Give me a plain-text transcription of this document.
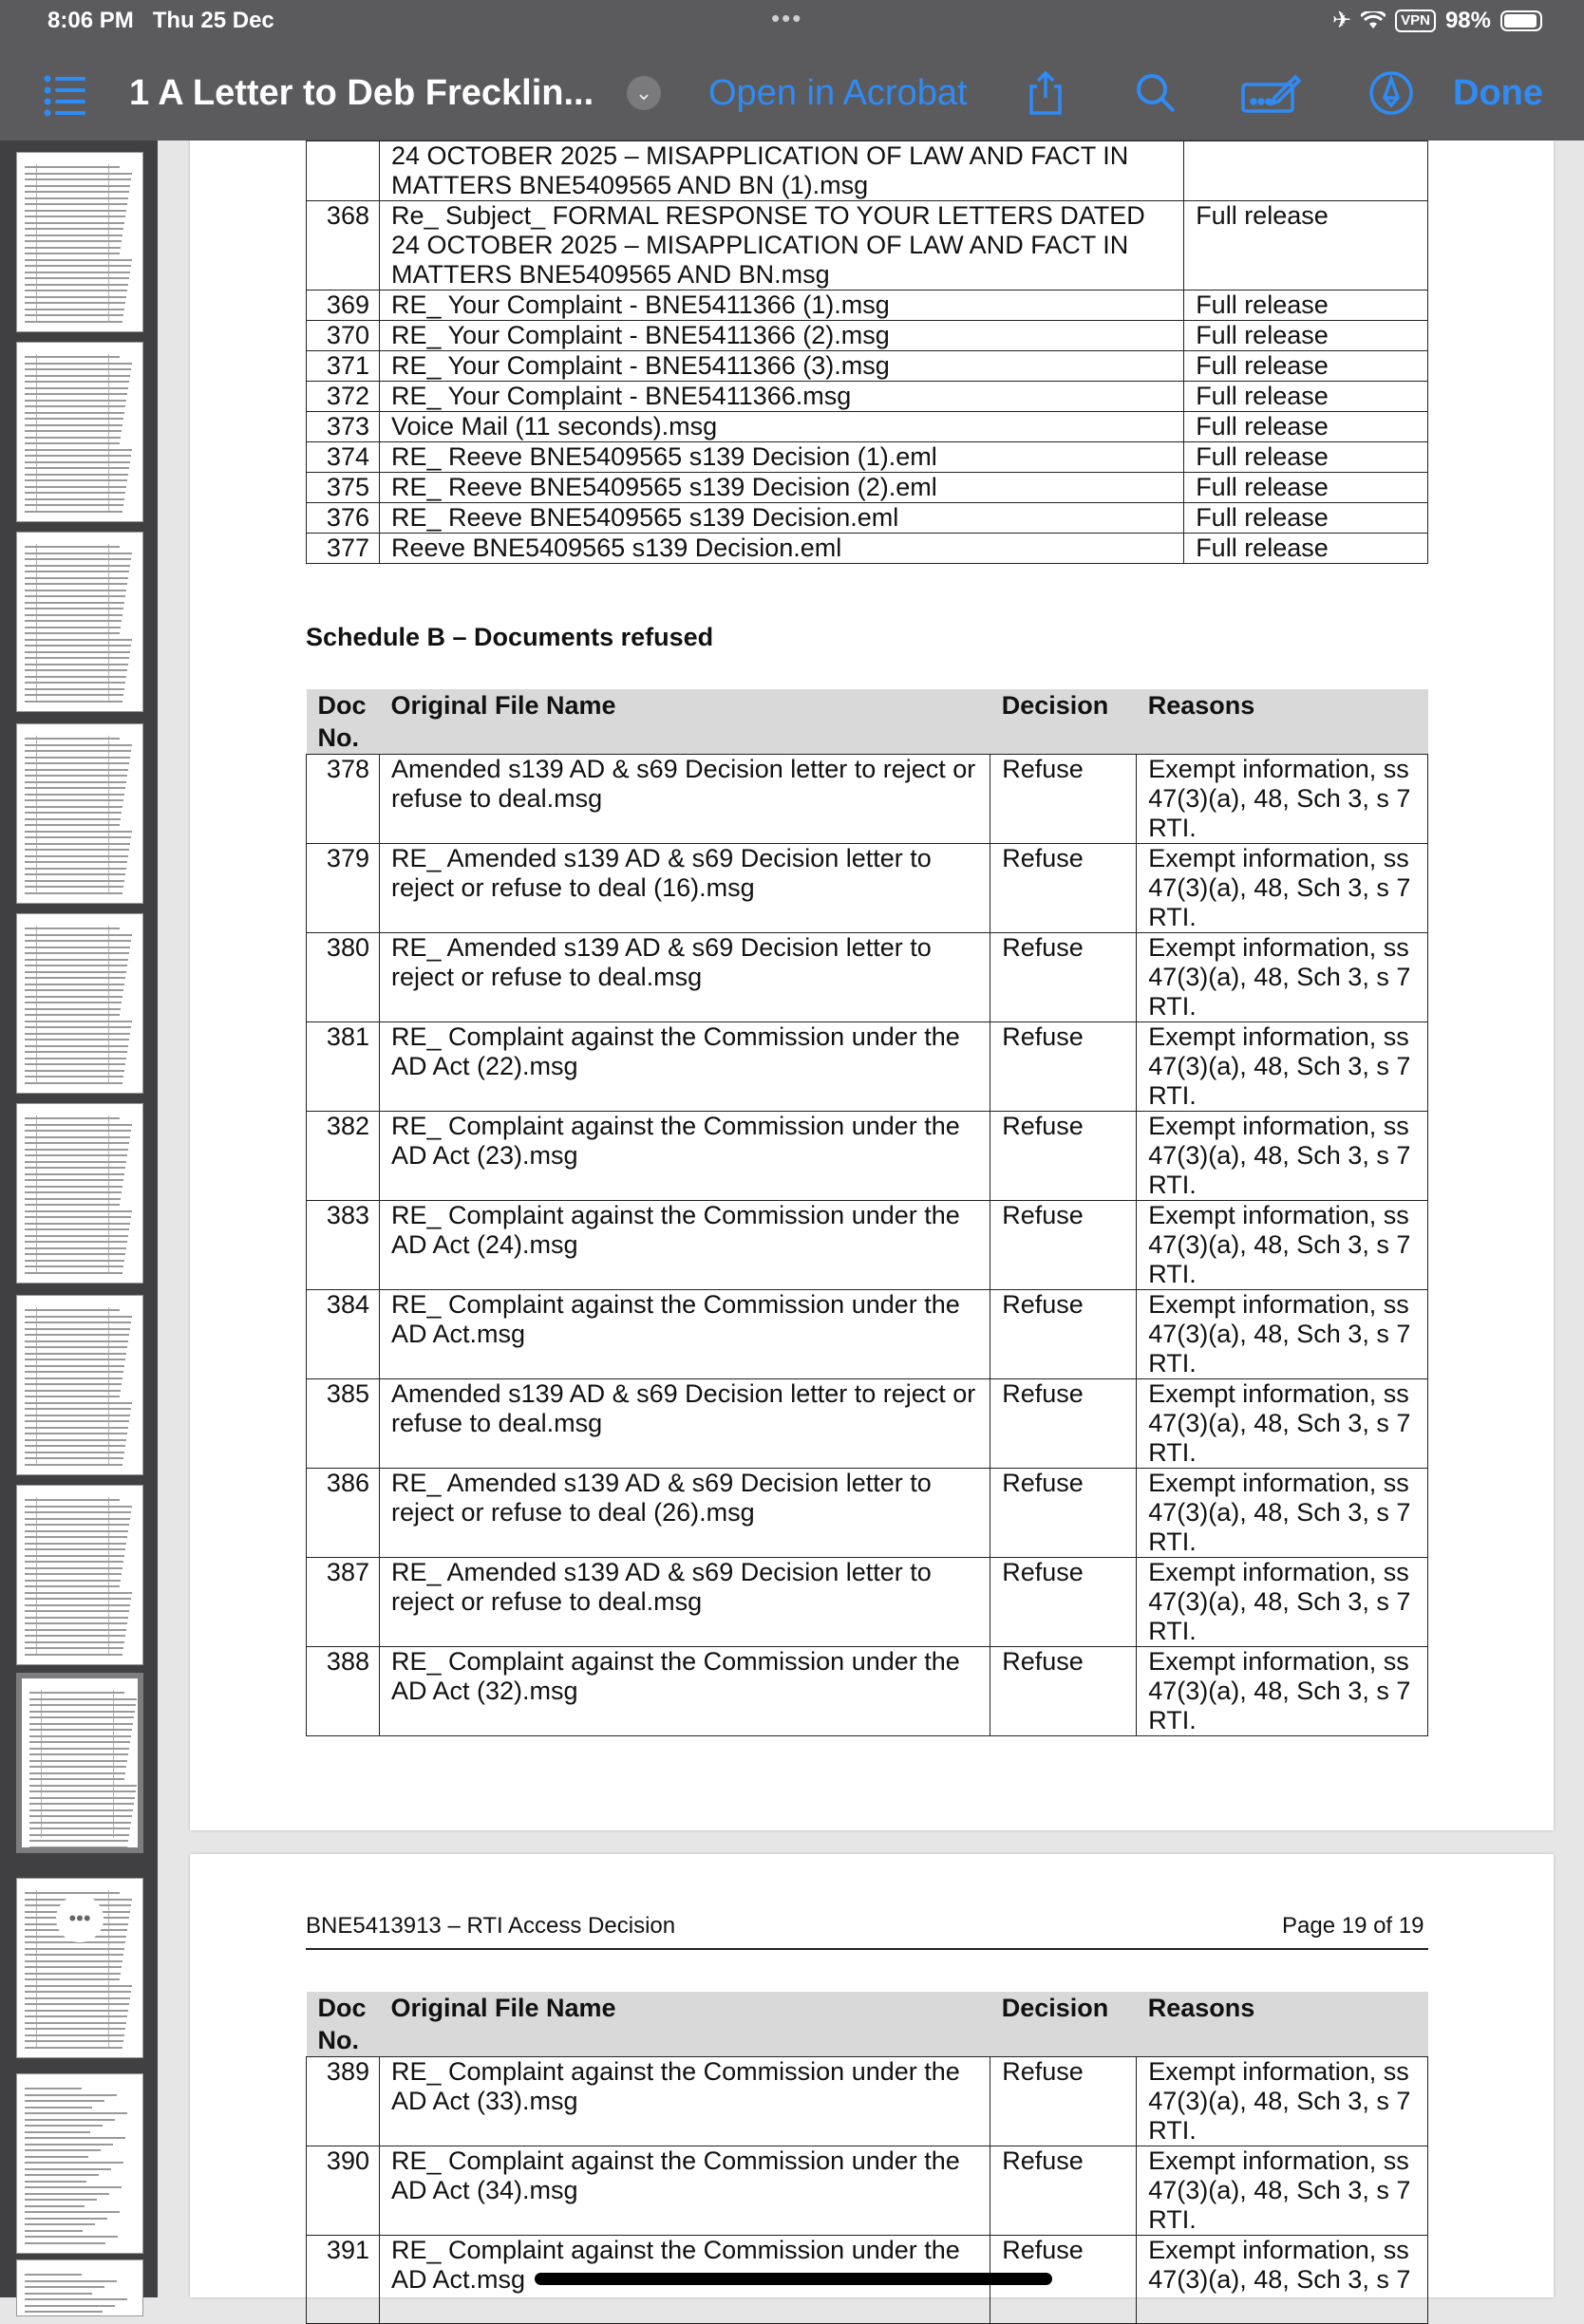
8:06 PM Thu 25 Dec	•••	✈	VPN 98%
1 A Letter to Deb Frecklin...	⌄ Open in Acrobat	Done
•••
	24 OCTOBER 2025 – MISAPPLICATION OF LAW AND FACT IN MATTERS BNE5409565 AND BN (1).msg	
368	Re_ Subject_ FORMAL RESPONSE TO YOUR LETTERS DATED 24 OCTOBER 2025 – MISAPPLICATION OF LAW AND FACT IN MATTERS BNE5409565 AND BN.msg	Full release
369	RE_ Your Complaint - BNE5411366 (1).msg	Full release
370	RE_ Your Complaint - BNE5411366 (2).msg	Full release
371	RE_ Your Complaint - BNE5411366 (3).msg	Full release
372	RE_ Your Complaint - BNE5411366.msg	Full release
373	Voice Mail (11 seconds).msg	Full release
374	RE_ Reeve BNE5409565 s139 Decision (1).eml	Full release
375	RE_ Reeve BNE5409565 s139 Decision (2).eml	Full release
376	RE_ Reeve BNE5409565 s139 Decision.eml	Full release
377	Reeve BNE5409565 s139 Decision.eml	Full release
Schedule B – Documents refused
Doc No.	Original File Name	Decision	Reasons
378	Amended s139 AD & s69 Decision letter to reject or refuse to deal.msg	Refuse	Exempt information, ss 47(3)(a), 48, Sch 3, s 7 RTI.
379	RE_ Amended s139 AD & s69 Decision letter to reject or refuse to deal (16).msg	Refuse	Exempt information, ss 47(3)(a), 48, Sch 3, s 7 RTI.
380	RE_ Amended s139 AD & s69 Decision letter to reject or refuse to deal.msg	Refuse	Exempt information, ss 47(3)(a), 48, Sch 3, s 7 RTI.
381	RE_ Complaint against the Commission under the AD Act (22).msg	Refuse	Exempt information, ss 47(3)(a), 48, Sch 3, s 7 RTI.
382	RE_ Complaint against the Commission under the AD Act (23).msg	Refuse	Exempt information, ss 47(3)(a), 48, Sch 3, s 7 RTI.
383	RE_ Complaint against the Commission under the AD Act (24).msg	Refuse	Exempt information, ss 47(3)(a), 48, Sch 3, s 7 RTI.
384	RE_ Complaint against the Commission under the AD Act.msg	Refuse	Exempt information, ss 47(3)(a), 48, Sch 3, s 7 RTI.
385	Amended s139 AD & s69 Decision letter to reject or refuse to deal.msg	Refuse	Exempt information, ss 47(3)(a), 48, Sch 3, s 7 RTI.
386	RE_ Amended s139 AD & s69 Decision letter to reject or refuse to deal (26).msg	Refuse	Exempt information, ss 47(3)(a), 48, Sch 3, s 7 RTI.
387	RE_ Amended s139 AD & s69 Decision letter to reject or refuse to deal.msg	Refuse	Exempt information, ss 47(3)(a), 48, Sch 3, s 7 RTI.
388	RE_ Complaint against the Commission under the AD Act (32).msg	Refuse	Exempt information, ss 47(3)(a), 48, Sch 3, s 7 RTI.
BNE5413913 – RTI Access Decision	Page 19 of 19
Doc No.	Original File Name	Decision	Reasons
389	RE_ Complaint against the Commission under the AD Act (33).msg	Refuse	Exempt information, ss 47(3)(a), 48, Sch 3, s 7 RTI.
390	RE_ Complaint against the Commission under the AD Act (34).msg	Refuse	Exempt information, ss 47(3)(a), 48, Sch 3, s 7 RTI.
391	RE_ Complaint against the Commission under the AD Act.msg	Refuse	Exempt information, ss 47(3)(a), 48, Sch 3, s 7
